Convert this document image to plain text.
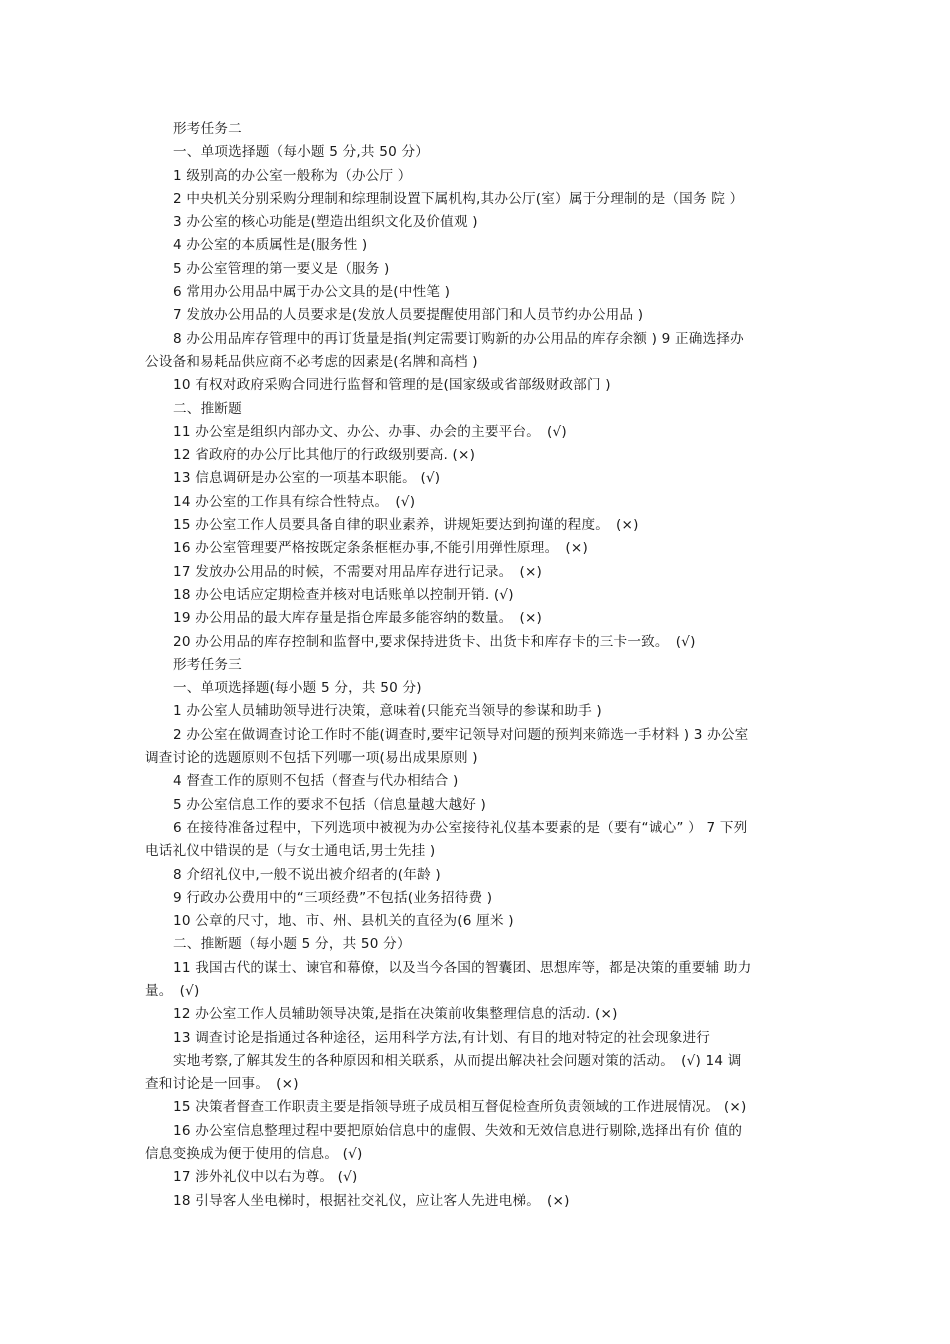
形考任务二

一、单项选择题（每小题 5 分,共 50 分）

1 级别高的办公室一般称为（办公厅 ）

2 中央机关分别采购分理制和综理制设置下属机构,其办公厅(室）属于分理制的是（国务 院 ）

3 办公室的核心功能是(塑造出组织文化及价值观 )

4 办公室的本质属性是(服务性 )

5 办公室管理的第一要义是（服务 )

6 常用办公用品中属于办公文具的是(中性笔 )

7 发放办公用品的人员要求是(发放人员要提醒使用部门和人员节约办公用品 )

8 办公用品库存管理中的再订货量是指(判定需要订购新的办公用品的库存余额 ) 9 正确选择办

公设备和易耗品供应商不必考虑的因素是(名牌和高档 )

10 有权对政府采购合同进行监督和管理的是(国家级或省部级财政部门 )

二、推断题

11 办公室是组织内部办文、办公、办事、办会的主要平台。　(√)

12 省政府的办公厅比其他厅的行政级别要高. (×)

13 信息调研是办公室的一项基本职能。 (√)

14 办公室的工作具有综合性特点。　(√)

15 办公室工作人员要具备自律的职业素养，讲规矩要达到拘谨的程度。　(×)

16 办公室管理要严格按既定条条框框办事,不能引用弹性原理。　(×)

17 发放办公用品的时候，不需要对用品库存进行记录。　(×)

18 办公电话应定期检查并核对电话账单以控制开销. (√)

19 办公用品的最大库存量是指仓库最多能容纳的数量。　(×)

20 办公用品的库存控制和监督中,要求保持进货卡、出货卡和库存卡的三卡一致。　(√)

形考任务三

一、单项选择题(每小题 5 分，共 50 分)

1 办公室人员辅助领导进行决策，意味着(只能充当领导的参谋和助手 )

2 办公室在做调查讨论工作时不能(调查时,要牢记领导对问题的预判来筛选一手材料 ) 3 办公室

调查讨论的选题原则不包括下列哪一项(易出成果原则 )

4 督查工作的原则不包括（督查与代办相结合 )

5 办公室信息工作的要求不包括（信息量越大越好 )

6 在接待准备过程中，下列选项中被视为办公室接待礼仪基本要素的是（要有“诚心” ） 7 下列

电话礼仪中错误的是（与女士通电话,男士先挂 )

8 介绍礼仪中,一般不说出被介绍者的(年龄 )

9 行政办公费用中的“三项经费”不包括(业务招待费 )

10 公章的尺寸，地、市、州、县机关的直径为(6 厘米 )

二、推断题（每小题 5 分，共 50 分）

11 我国古代的谋士、谏官和幕僚，以及当今各国的智囊团、思想库等，都是决策的重要辅 助力

量。　(√)

12 办公室工作人员辅助领导决策,是指在决策前收集整理信息的活动. (×)

13 调查讨论是指通过各种途径，运用科学方法,有计划、有目的地对特定的社会现象进行

实地考察,了解其发生的各种原因和相关联系，从而提出解决社会问题对策的活动。　(√) 14 调

查和讨论是一回事。　(×)

15 决策者督查工作职责主要是指领导班子成员相互督促检查所负责领域的工作进展情况。 (×)

16 办公室信息整理过程中要把原始信息中的虚假、失效和无效信息进行剔除,选择出有价 值的

信息变换成为便于使用的信息。 (√)

17 涉外礼仪中以右为尊。 (√)

18 引导客人坐电梯时，根据社交礼仪，应让客人先进电梯。　(×)
